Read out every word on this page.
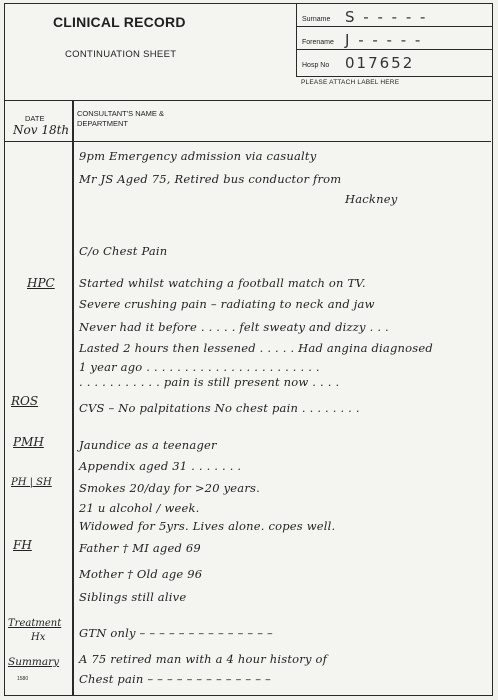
CLINICAL RECORD
CONTINUATION SHEET
Surname S - - - - -
Forename J - - - - -
Hosp No 017652
PLEASE ATTACH LABEL HERE
DATE
Nov 18th
CONSULTANT'S NAME & DEPARTMENT
HPC
ROS
PMH
PH | SH
FH
Treatment
Hx
Summary
9pm Emergency admission via casualty
Mr JS Aged 75, Retired bus conductor from
Hackney
C/o Chest Pain
Started whilst watching a football match on TV.
Severe crushing pain – radiating to neck and jaw
Never had it before . . . . . felt sweaty and dizzy . . .
Lasted 2 hours then lessened . . . . . Had angina diagnosed
1 year ago . . . . . . . . . . . . . . . . . . . . . . .
. . . . . . . . . . . pain is still present now . . . .
CVS – No palpitations No chest pain . . . . . . . .
Jaundice as a teenager
Appendix aged 31 . . . . . . .
Smokes 20/day for >20 years.
21 u alcohol / week.
Widowed for 5yrs. Lives alone. copes well.
Father † MI aged 69
Mother † Old age 96
Siblings still alive
GTN only – – – – – – – – – – – – – –
A 75 retired man with a 4 hour history of
Chest pain – – – – – – – – – – – – –
1580
